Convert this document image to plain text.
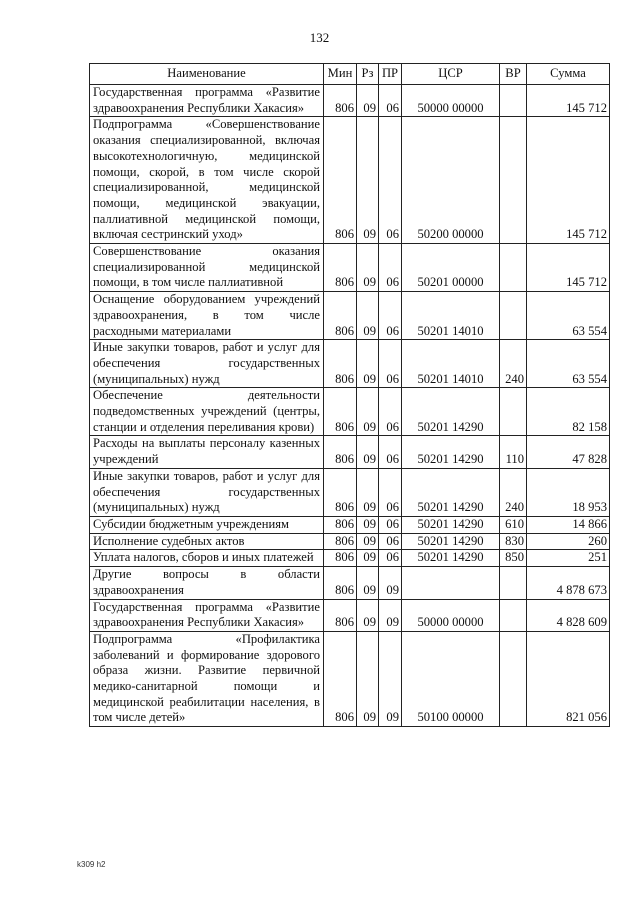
132
Наименование	Мин	Рз	ПР	ЦСР	ВР	Сумма
Государственная программа «Развитие здравоохранения Республики Хакасия»	806	09	06	50000 00000		145 712
Подпрограмма «Совершенствование оказания специализированной, включая высокотехнологичную, медицинской помощи, скорой, в том числе скорой специализированной, медицинской помощи, медицинской эвакуации, паллиативной медицинской помощи, включая сестринский уход»	806	09	06	50200 00000		145 712
Совершенствование оказания специализированной медицинской помощи, в том числе паллиативной	806	09	06	50201 00000		145 712
Оснащение оборудованием учреждений здравоохранения, в том числе расходными материалами	806	09	06	50201 14010		63 554
Иные закупки товаров, работ и услуг для обеспечения государственных (муниципальных) нужд	806	09	06	50201 14010	240	63 554
Обеспечение деятельности подведомственных учреждений (центры, станции и отделения переливания крови)	806	09	06	50201 14290		82 158
Расходы на выплаты персоналу казенных учреждений	806	09	06	50201 14290	110	47 828
Иные закупки товаров, работ и услуг для обеспечения государственных (муниципальных) нужд	806	09	06	50201 14290	240	18 953
Субсидии бюджетным учреждениям	806	09	06	50201 14290	610	14 866
Исполнение судебных актов	806	09	06	50201 14290	830	260
Уплата налогов, сборов и иных платежей	806	09	06	50201 14290	850	251
Другие вопросы в области здравоохранения	806	09	09			4 878 673
Государственная программа «Развитие здравоохранения Республики Хакасия»	806	09	09	50000 00000		4 828 609
Подпрограмма «Профилактика заболеваний и формирование здорового образа жизни. Развитие первичной медико-санитарной помощи и медицинской реабилитации населения, в том числе детей»	806	09	09	50100 00000		821 056
k309 h2
